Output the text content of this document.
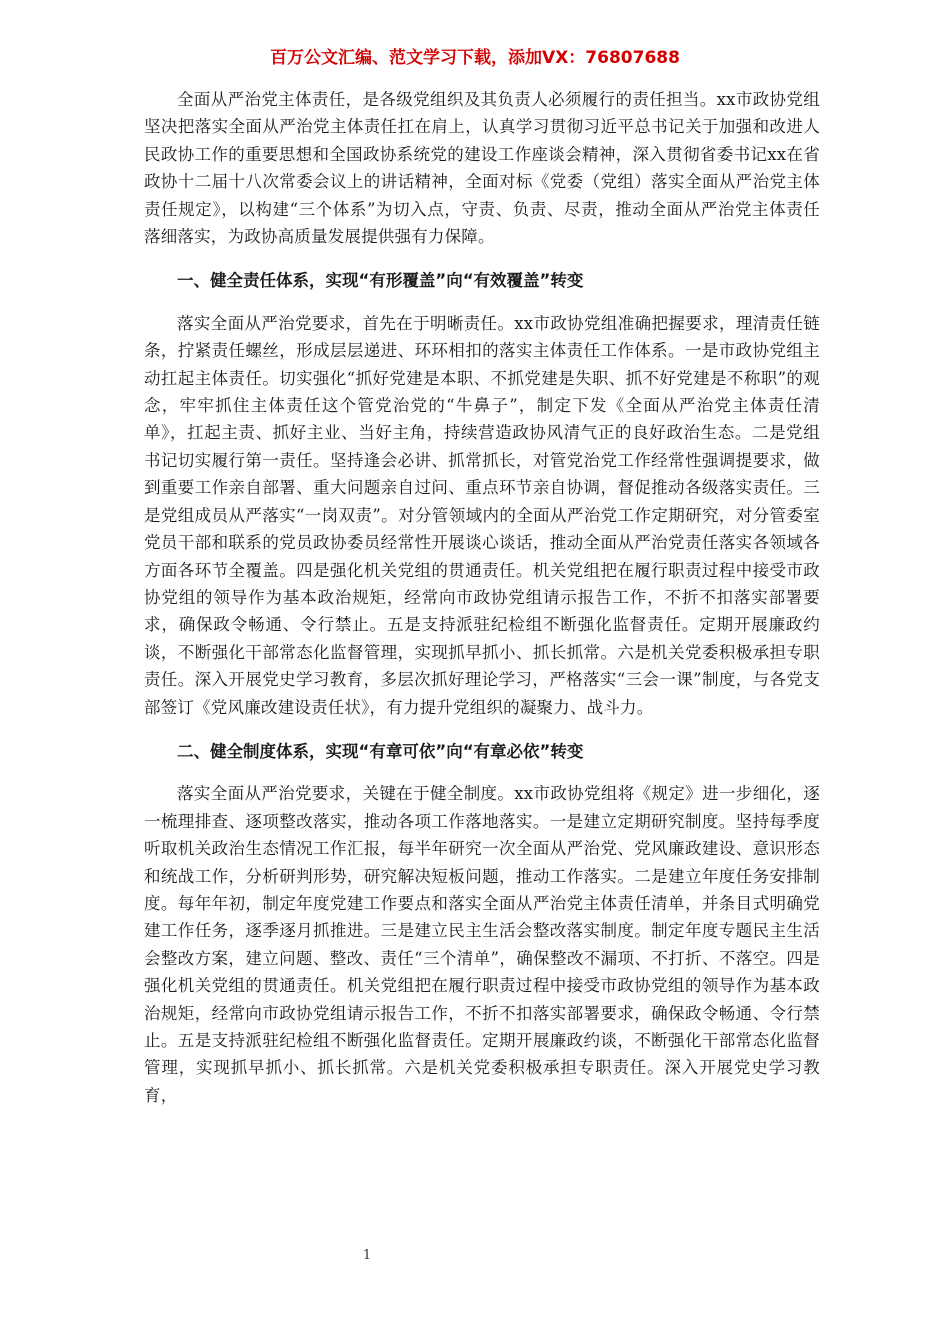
百万公文汇编、范文学习下载，添加VX：76807688

全面从严治党主体责任，是各级党组织及其负责人必须履行的责任担当。xx市政协党组坚决把落实全面从严治党主体责任扛在肩上，认真学习贯彻习近平总书记关于加强和改进人民政协工作的重要思想和全国政协系统党的建设工作座谈会精神，深入贯彻省委书记xx在省政协十二届十八次常委会议上的讲话精神，全面对标《党委（党组）落实全面从严治党主体责任规定》，以构建“三个体系”为切入点，守责、负责、尽责，推动全面从严治党主体责任落细落实，为政协高质量发展提供强有力保障。

一、健全责任体系，实现“有形覆盖”向“有效覆盖”转变

落实全面从严治党要求，首先在于明晰责任。xx市政协党组准确把握要求，理清责任链条，拧紧责任螺丝，形成层层递进、环环相扣的落实主体责任工作体系。一是市政协党组主动扛起主体责任。切实强化“抓好党建是本职、不抓党建是失职、抓不好党建是不称职”的观念，牢牢抓住主体责任这个管党治党的“牛鼻子”，制定下发《全面从严治党主体责任清单》，扛起主责、抓好主业、当好主角，持续营造政协风清气正的良好政治生态。二是党组书记切实履行第一责任。坚持逢会必讲、抓常抓长，对管党治党工作经常性强调提要求，做到重要工作亲自部署、重大问题亲自过问、重点环节亲自协调，督促推动各级落实责任。三是党组成员从严落实“一岗双责”。对分管领域内的全面从严治党工作定期研究，对分管委室党员干部和联系的党员政协委员经常性开展谈心谈话，推动全面从严治党责任落实各领域各方面各环节全覆盖。四是强化机关党组的贯通责任。机关党组把在履行职责过程中接受市政协党组的领导作为基本政治规矩，经常向市政协党组请示报告工作，不折不扣落实部署要求，确保政令畅通、令行禁止。五是支持派驻纪检组不断强化监督责任。定期开展廉政约谈，不断强化干部常态化监督管理，实现抓早抓小、抓长抓常。六是机关党委积极承担专职责任。深入开展党史学习教育，多层次抓好理论学习，严格落实“三会一课”制度，与各党支部签订《党风廉改建设责任状》，有力提升党组织的凝聚力、战斗力。

二、健全制度体系，实现“有章可依”向“有章必依”转变

落实全面从严治党要求，关键在于健全制度。xx市政协党组将《规定》进一步细化，逐一梳理排查、逐项整改落实，推动各项工作落地落实。一是建立定期研究制度。坚持每季度听取机关政治生态情况工作汇报，每半年研究一次全面从严治党、党风廉政建设、意识形态和统战工作，分析研判形势，研究解决短板问题，推动工作落实。二是建立年度任务安排制度。每年年初，制定年度党建工作要点和落实全面从严治党主体责任清单，并条目式明确党建工作任务，逐季逐月抓推进。三是建立民主生活会整改落实制度。制定年度专题民主生活会整改方案，建立问题、整改、责任“三个清单”，确保整改不漏项、不打折、不落空。四是强化机关党组的贯通责任。机关党组把在履行职责过程中接受市政协党组的领导作为基本政治规矩，经常向市政协党组请示报告工作，不折不扣落实部署要求，确保政令畅通、令行禁止。五是支持派驻纪检组不断强化监督责任。定期开展廉政约谈，不断强化干部常态化监督管理，实现抓早抓小、抓长抓常。六是机关党委积极承担专职责任。深入开展党史学习教育，

1
